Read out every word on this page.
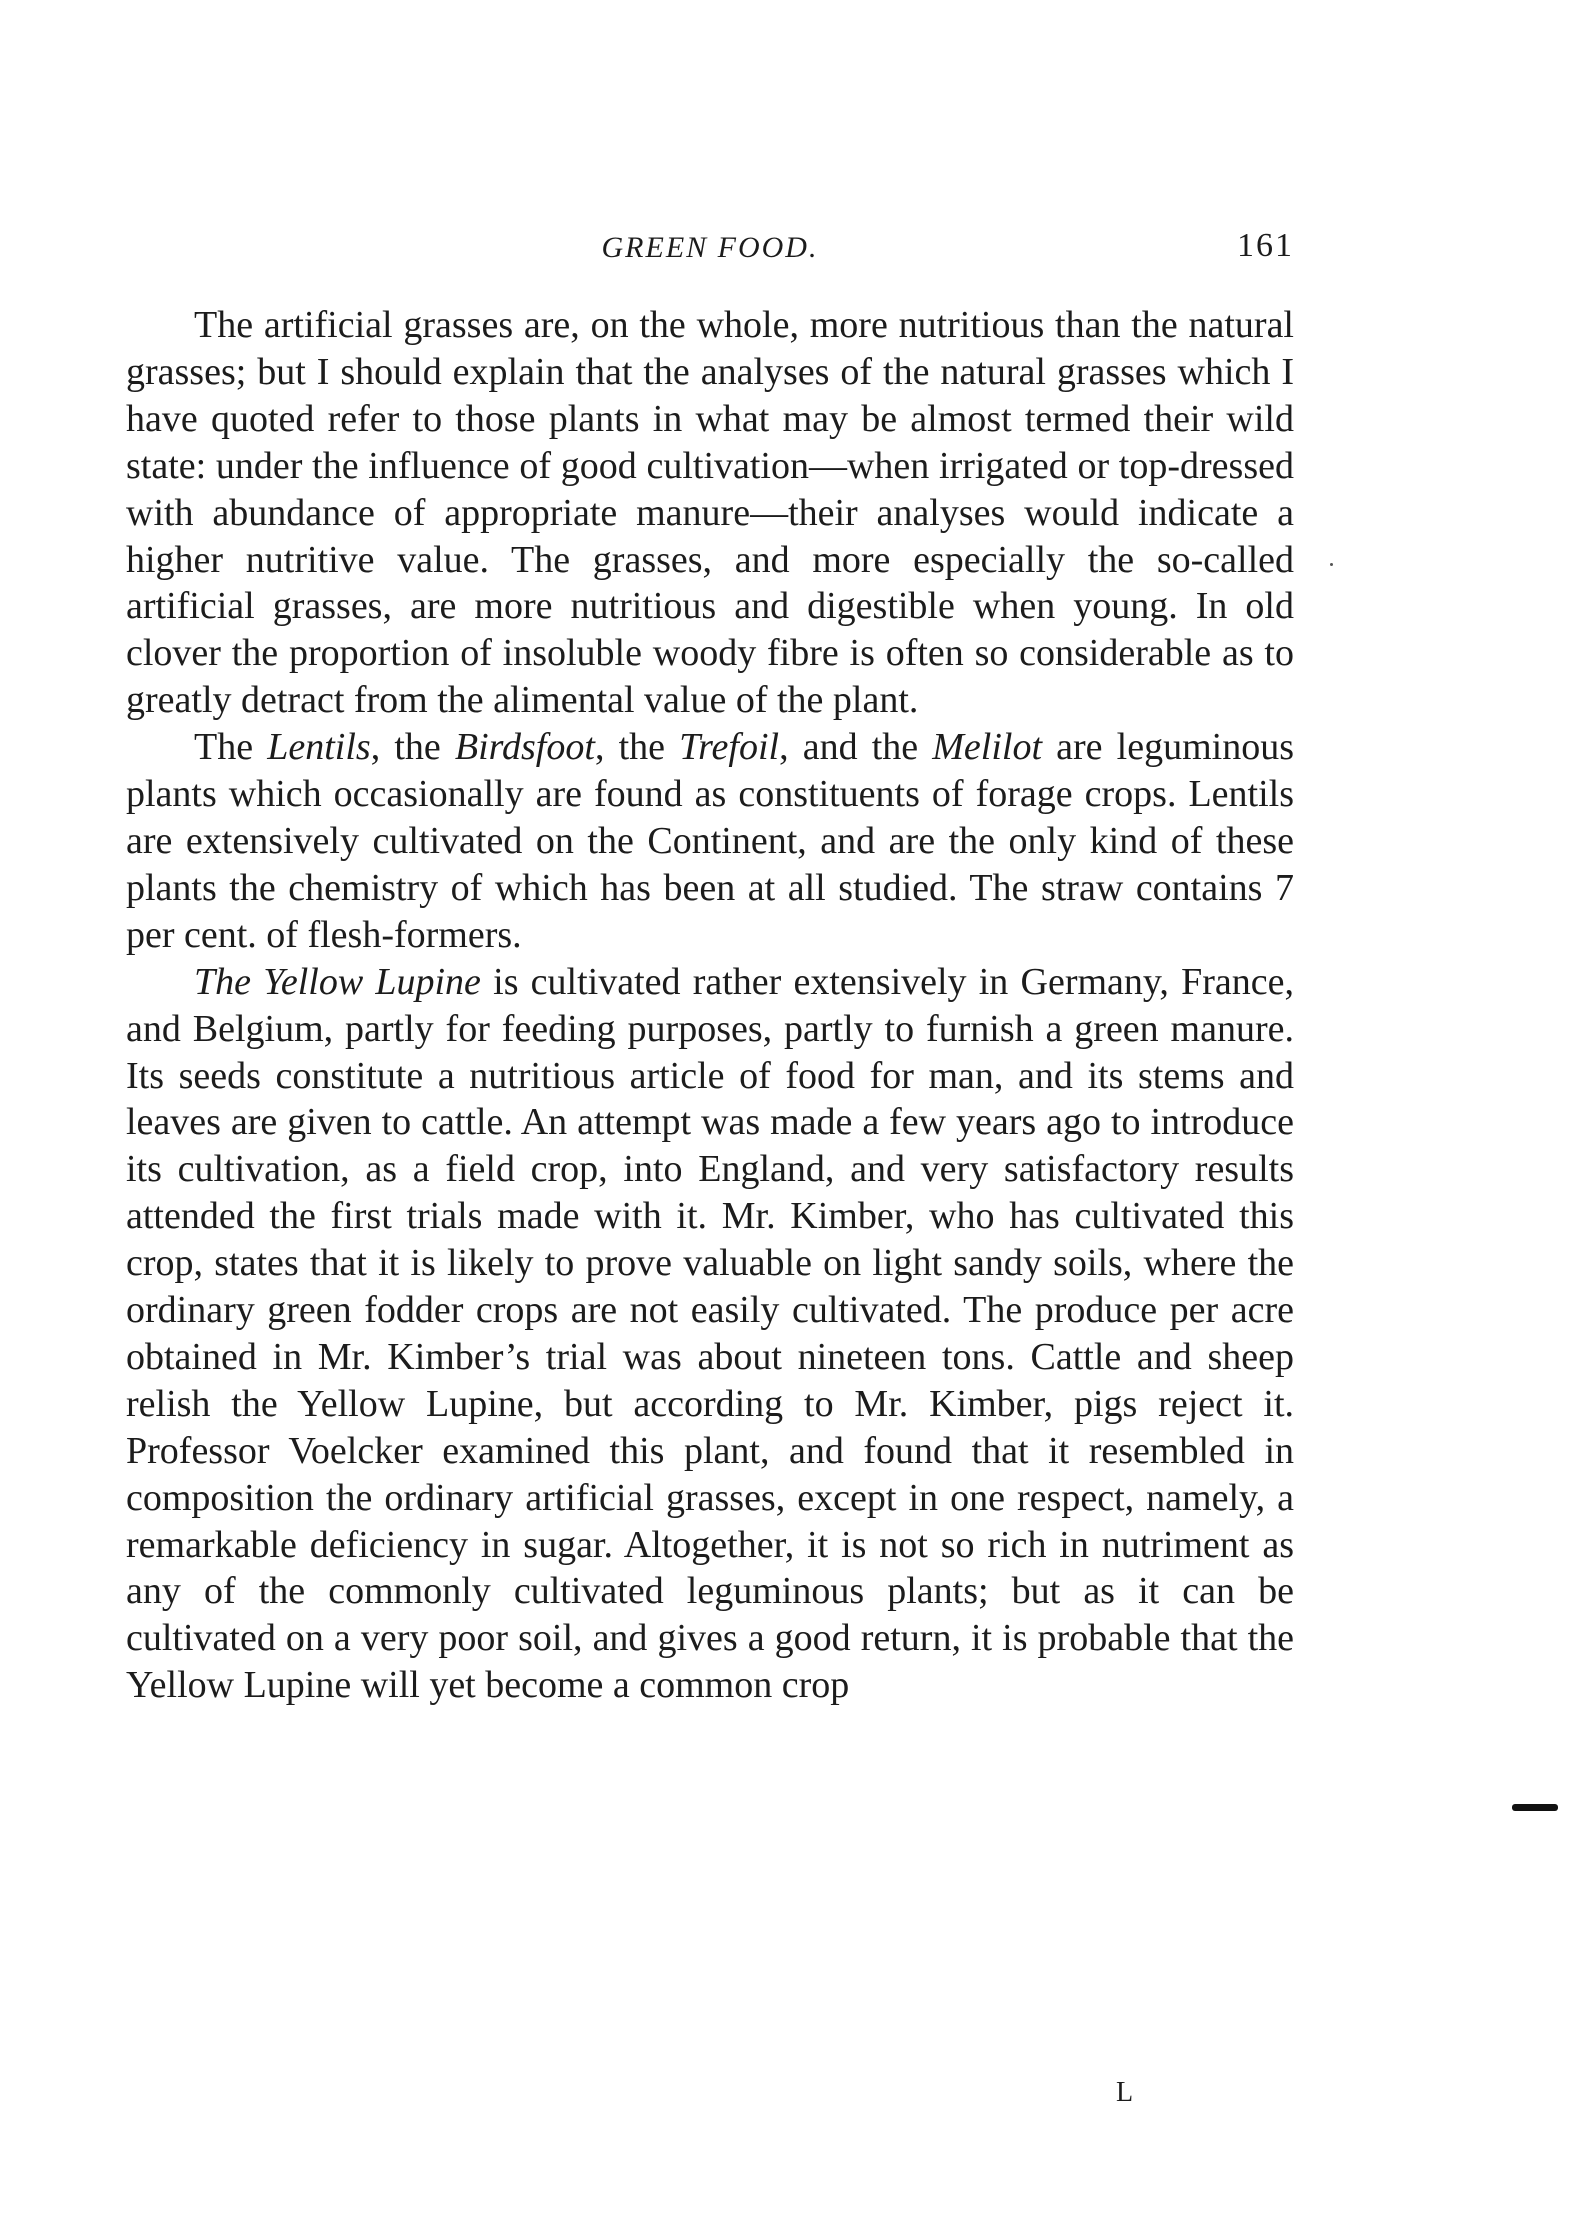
GREEN FOOD.	161

The artificial grasses are, on the whole, more nutritious than the natural grasses; but I should explain that the analyses of the natural grasses which I have quoted refer to those plants in what may be almost termed their wild state: under the influence of good cultivation—when irrigated or top-dressed with abundance of appropriate manure—their analyses would indicate a higher nutritive value. The grasses, and more especially the so-called artificial grasses, are more nutritious and digestible when young. In old clover the proportion of insoluble woody fibre is often so considerable as to greatly detract from the alimental value of the plant.

The Lentils, the Birdsfoot, the Trefoil, and the Melilot are leguminous plants which occasionally are found as constituents of forage crops. Lentils are extensively cultivated on the Continent, and are the only kind of these plants the chemistry of which has been at all studied. The straw contains 7 per cent. of flesh-formers.

The Yellow Lupine is cultivated rather extensively in Germany, France, and Belgium, partly for feeding purposes, partly to furnish a green manure. Its seeds constitute a nutritious article of food for man, and its stems and leaves are given to cattle. An attempt was made a few years ago to introduce its cultivation, as a field crop, into England, and very satisfactory results attended the first trials made with it. Mr. Kimber, who has cultivated this crop, states that it is likely to prove valuable on light sandy soils, where the ordinary green fodder crops are not easily cultivated. The produce per acre obtained in Mr. Kimber’s trial was about nineteen tons. Cattle and sheep relish the Yellow Lupine, but according to Mr. Kimber, pigs reject it. Professor Voelcker examined this plant, and found that it resembled in composition the ordinary artificial grasses, except in one respect, namely, a remarkable deficiency in sugar. Altogether, it is not so rich in nutriment as any of the commonly cultivated leguminous plants; but as it can be cultivated on a very poor soil, and gives a good return, it is probable that the Yellow Lupine will yet become a common crop

L
